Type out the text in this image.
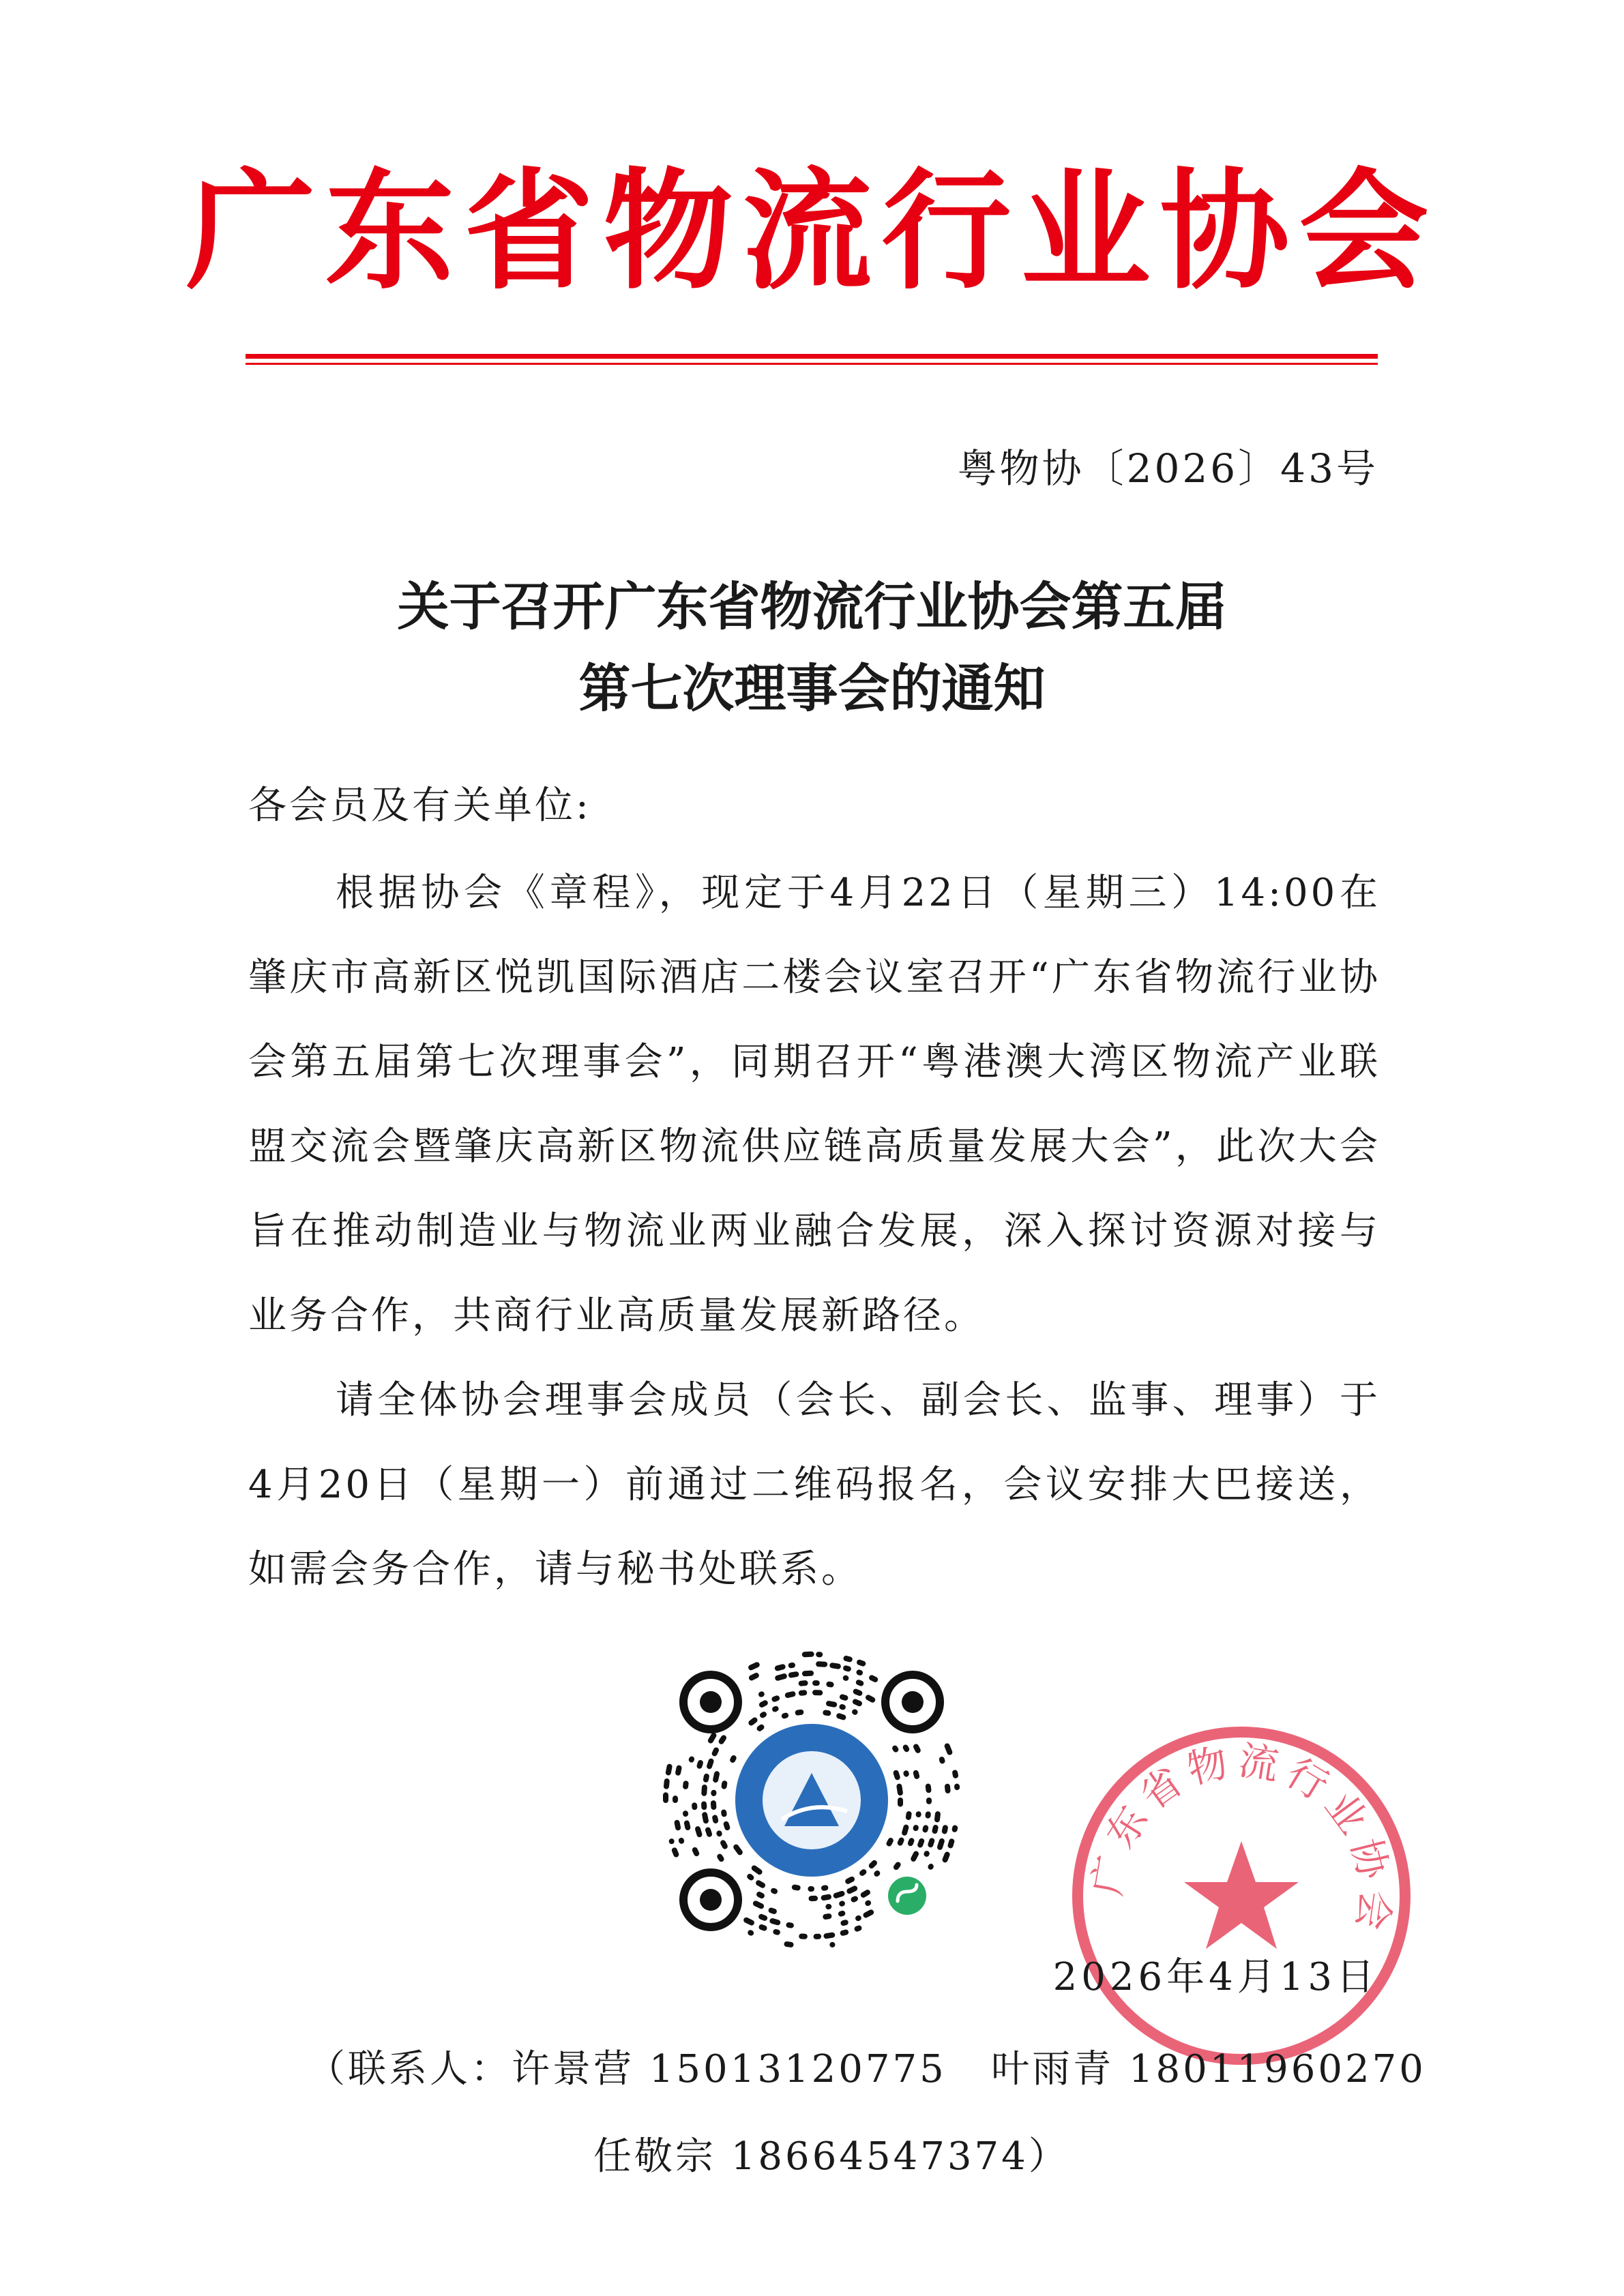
广东省物流行业协会
粤物协〔2026〕43号
关于召开广东省物流行业协会第五届
第七次理事会的通知
各会员及有关单位:
根据协会《章程》，现定于4月22日（星期三）14:00在肇庆市高新区悦凯国际酒店二楼会议室召开“广东省物流行业协会第五届第七次理事会”，同期召开“粤港澳大湾区物流产业联盟交流会暨肇庆高新区物流供应链高质量发展大会”，此次大会旨在推动制造业与物流业两业融合发展，深入探讨资源对接与业务合作，共商行业高质量发展新路径。
请全体协会理事会成员（会长、副会长、监事、理事）于4月20日（星期一）前通过二维码报名，会议安排大巴接送，如需会务合作，请与秘书处联系。
广东省物流行业协会
2026年4月13日
（联系人：许景营 15013120775   叶雨青 18011960270
任敬宗 18664547374）
